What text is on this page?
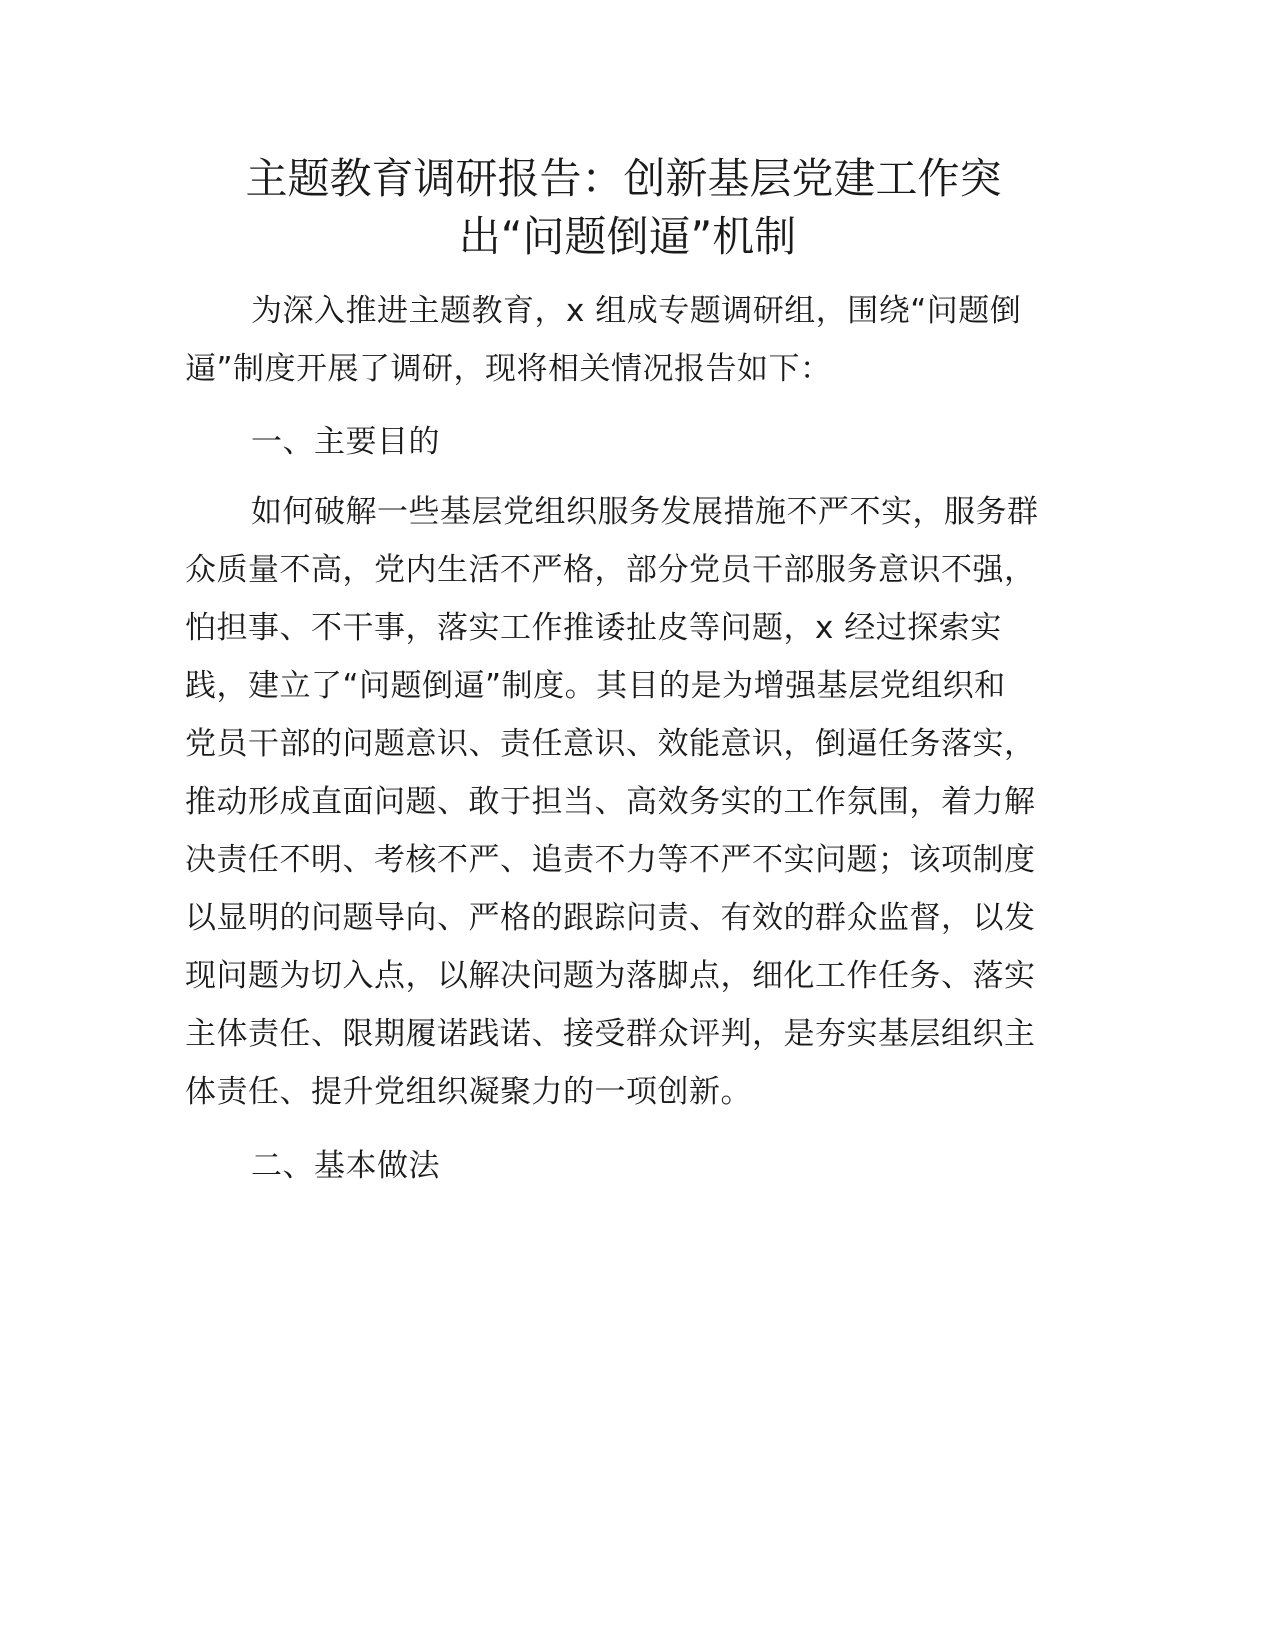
主题教育调研报告：创新基层党建工作突
出“问题倒逼”机制
为深入推进主题教育，x 组成专题调研组，围绕“问题倒
逼”制度开展了调研，现将相关情况报告如下：
一、主要目的
如何破解一些基层党组织服务发展措施不严不实，服务群
众质量不高，党内生活不严格，部分党员干部服务意识不强，
怕担事、不干事，落实工作推诿扯皮等问题，x 经过探索实
践，建立了“问题倒逼”制度。其目的是为增强基层党组织和
党员干部的问题意识、责任意识、效能意识，倒逼任务落实，
推动形成直面问题、敢于担当、高效务实的工作氛围，着力解
决责任不明、考核不严、追责不力等不严不实问题；该项制度
以显明的问题导向、严格的跟踪问责、有效的群众监督，以发
现问题为切入点，以解决问题为落脚点，细化工作任务、落实
主体责任、限期履诺践诺、接受群众评判，是夯实基层组织主
体责任、提升党组织凝聚力的一项创新。
二、基本做法
